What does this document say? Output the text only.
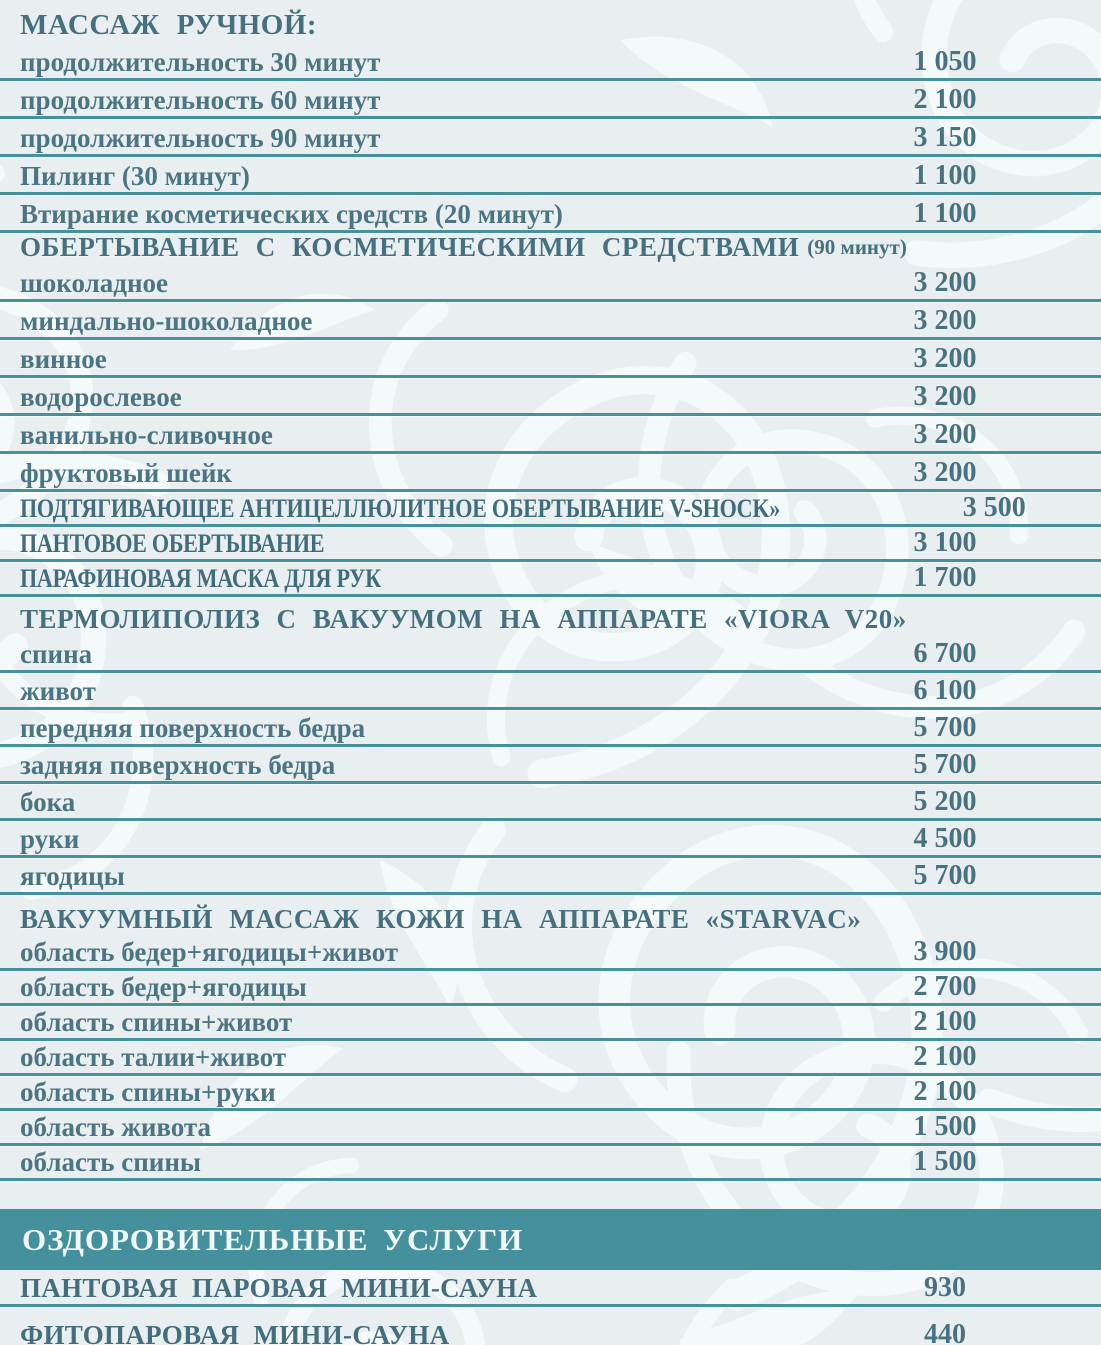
МАССАЖ РУЧНОЙ:
продолжительность 30 минут	1 050
продолжительность 60 минут	2 100
продолжительность 90 минут	3 150
Пилинг (30 минут)	1 100
Втирание косметических средств (20 минут)	1 100
ОБЕРТЫВАНИЕ С КОСМЕТИЧЕСКИМИ СРЕДСТВАМИ (90 минут)
шоколадное	3 200
миндально-шоколадное	3 200
винное	3 200
водорослевое	3 200
ванильно-сливочное	3 200
фруктовый шейк	3 200
ПОДТЯГИВАЮЩЕЕ АНТИЦЕЛЛЮЛИТНОЕ ОБЕРТЫВАНИЕ V-SHOCK»	3 500
ПАНТОВОЕ ОБЕРТЫВАНИЕ	3 100
ПАРАФИНОВАЯ МАСКА ДЛЯ РУК	1 700
ТЕРМОЛИПОЛИЗ С ВАКУУМОМ НА АППАРАТЕ «VIORA V20»
спина	6 700
живот	6 100
передняя поверхность бедра	5 700
задняя поверхность бедра	5 700
бока	5 200
руки	4 500
ягодицы	5 700
ВАКУУМНЫЙ МАССАЖ КОЖИ НА АППАРАТЕ «STARVAC»
область бедер+ягодицы+живот	3 900
область бедер+ягодицы	2 700
область спины+живот	2 100
область талии+живот	2 100
область спины+руки	2 100
область живота	1 500
область спины	1 500
ОЗДОРОВИТЕЛЬНЫЕ УСЛУГИ
ПАНТОВАЯ ПАРОВАЯ МИНИ-САУНА	930
ФИТОПАРОВАЯ МИНИ-САУНА	440
